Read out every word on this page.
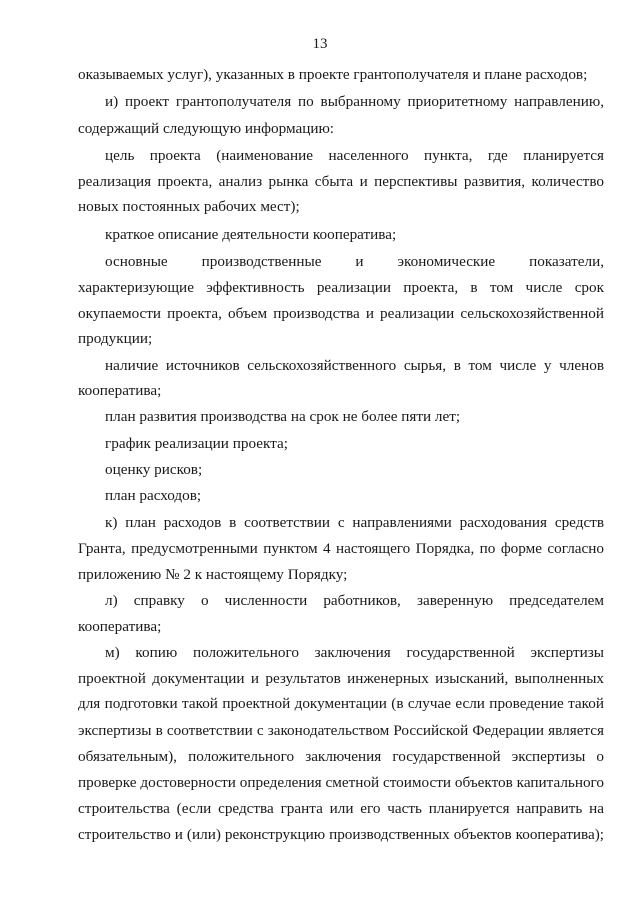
13
оказываемых услуг), указанных в проекте грантополучателя и плане расходов;
и) проект грантополучателя по выбранному приоритетному направлению,
содержащий следующую информацию:
цель проекта (наименование населенного пункта, где планируется
реализация проекта, анализ рынка сбыта и перспективы развития, количество
новых постоянных рабочих мест);
краткое описание деятельности кооператива;
основные производственные и экономические показатели,
характеризующие эффективность реализации проекта, в том числе срок
окупаемости проекта, объем производства и реализации сельскохозяйственной
продукции;
наличие источников сельскохозяйственного сырья, в том числе у членов
кооператива;
план развития производства на срок не более пяти лет;
график реализации проекта;
оценку рисков;
план расходов;
к) план расходов в соответствии с направлениями расходования средств
Гранта, предусмотренными пунктом 4 настоящего Порядка, по форме согласно
приложению № 2 к настоящему Порядку;
л) справку о численности работников, заверенную председателем
кооператива;
м) копию положительного заключения государственной экспертизы
проектной документации и результатов инженерных изысканий, выполненных
для подготовки такой проектной документации (в случае если проведение такой
экспертизы в соответствии с законодательством Российской Федерации является
обязательным), положительного заключения государственной экспертизы о
проверке достоверности определения сметной стоимости объектов капитального
строительства (если средства гранта или его часть планируется направить на
строительство и (или) реконструкцию производственных объектов кооператива);
